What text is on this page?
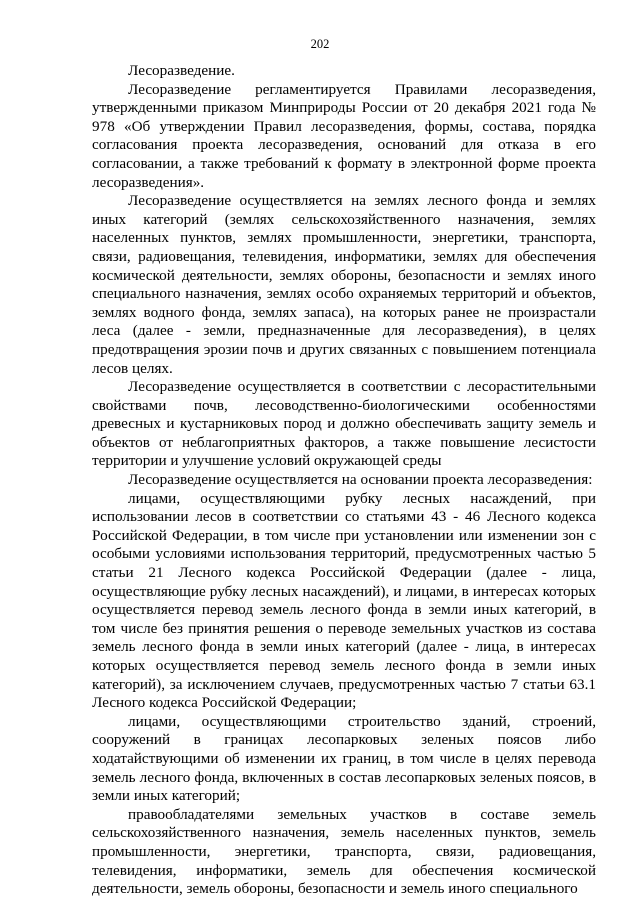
202

Лесоразведение.

Лесоразведение регламентируется Правилами лесоразведения, утвержденными приказом Минприроды России от 20 декабря 2021 года № 978 «Об утверждении Правил лесоразведения, формы, состава, порядка согласования проекта лесоразведения, оснований для отказа в его согласовании, а также требований к формату в электронной форме проекта лесоразведения».

Лесоразведение осуществляется на землях лесного фонда и землях иных категорий (землях сельскохозяйственного назначения, землях населенных пунктов, землях промышленности, энергетики, транспорта, связи, радиовещания, телевидения, информатики, землях для обеспечения космической деятельности, землях обороны, безопасности и землях иного специального назначения, землях особо охраняемых территорий и объектов, землях водного фонда, землях запаса), на которых ранее не произрастали леса (далее - земли, предназначенные для лесоразведения), в целях предотвращения эрозии почв и других связанных с повышением потенциала лесов целях.

Лесоразведение осуществляется в соответствии с лесорастительными свойствами почв, лесоводственно-биологическими особенностями древесных и кустарниковых пород и должно обеспечивать защиту земель и объектов от неблагоприятных факторов, а также повышение лесистости территории и улучшение условий окружающей среды

Лесоразведение осуществляется на основании проекта лесоразведения:

лицами, осуществляющими рубку лесных насаждений, при использовании лесов в соответствии со статьями 43 - 46 Лесного кодекса Российской Федерации, в том числе при установлении или изменении зон с особыми условиями использования территорий, предусмотренных частью 5 статьи 21 Лесного кодекса Российской Федерации (далее - лица, осуществляющие рубку лесных насаждений), и лицами, в интересах которых осуществляется перевод земель лесного фонда в земли иных категорий, в том числе без принятия решения о переводе земельных участков из состава земель лесного фонда в земли иных категорий (далее - лица, в интересах которых осуществляется перевод земель лесного фонда в земли иных категорий), за исключением случаев, предусмотренных частью 7 статьи 63.1 Лесного кодекса Российской Федерации;

лицами, осуществляющими строительство зданий, строений, сооружений в границах лесопарковых зеленых поясов либо ходатайствующими об изменении их границ, в том числе в целях перевода земель лесного фонда, включенных в состав лесопарковых зеленых поясов, в земли иных категорий;

правообладателями земельных участков в составе земель сельскохозяйственного назначения, земель населенных пунктов, земель промышленности, энергетики, транспорта, связи, радиовещания, телевидения, информатики, земель для обеспечения космической деятельности, земель обороны, безопасности и земель иного специального
